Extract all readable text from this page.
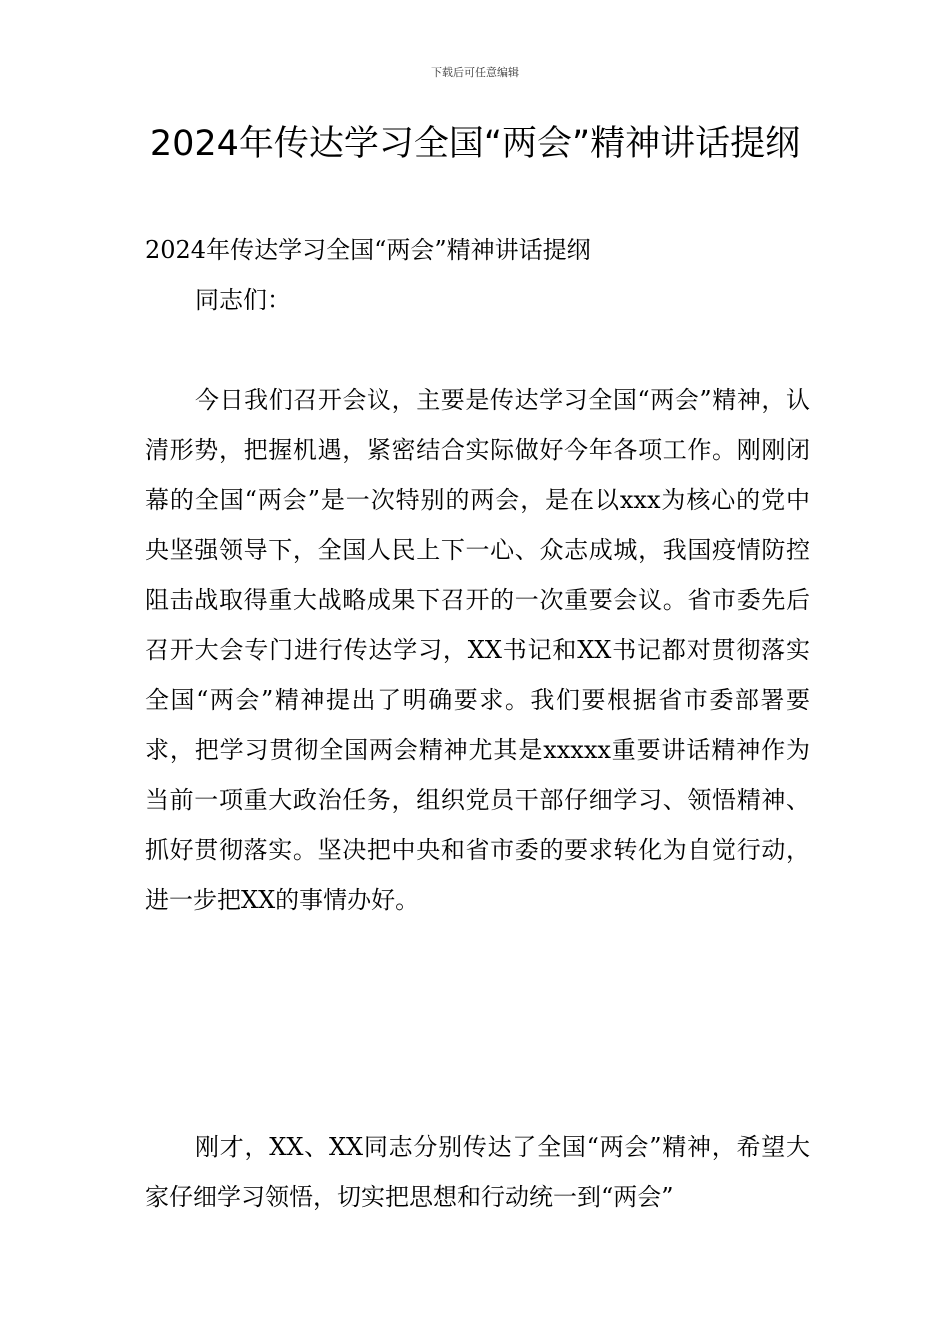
下载后可任意编辑
2024年传达学习全国“两会”精神讲话提纲

2024年传达学习全国“两会”精神讲话提纲

同志们：

今日我们召开会议，主要是传达学习全国“两会”精神，认清形势，把握机遇，紧密结合实际做好今年各项工作。刚刚闭幕的全国“两会”是一次特别的两会，是在以xxx为核心的党中央坚强领导下，全国人民上下一心、众志成城，我国疫情防控阻击战取得重大战略成果下召开的一次重要会议。省市委先后召开大会专门进行传达学习，XX书记和XX书记都对贯彻落实全国“两会”精神提出了明确要求。我们要根据省市委部署要求，把学习贯彻全国两会精神尤其是xxxxx重要讲话精神作为当前一项重大政治任务，组织党员干部仔细学习、领悟精神、抓好贯彻落实。坚决把中央和省市委的要求转化为自觉行动，进一步把XX的事情办好。

刚才，XX、XX同志分别传达了全国“两会”精神，希望大家仔细学习领悟，切实把思想和行动统一到“两会”
